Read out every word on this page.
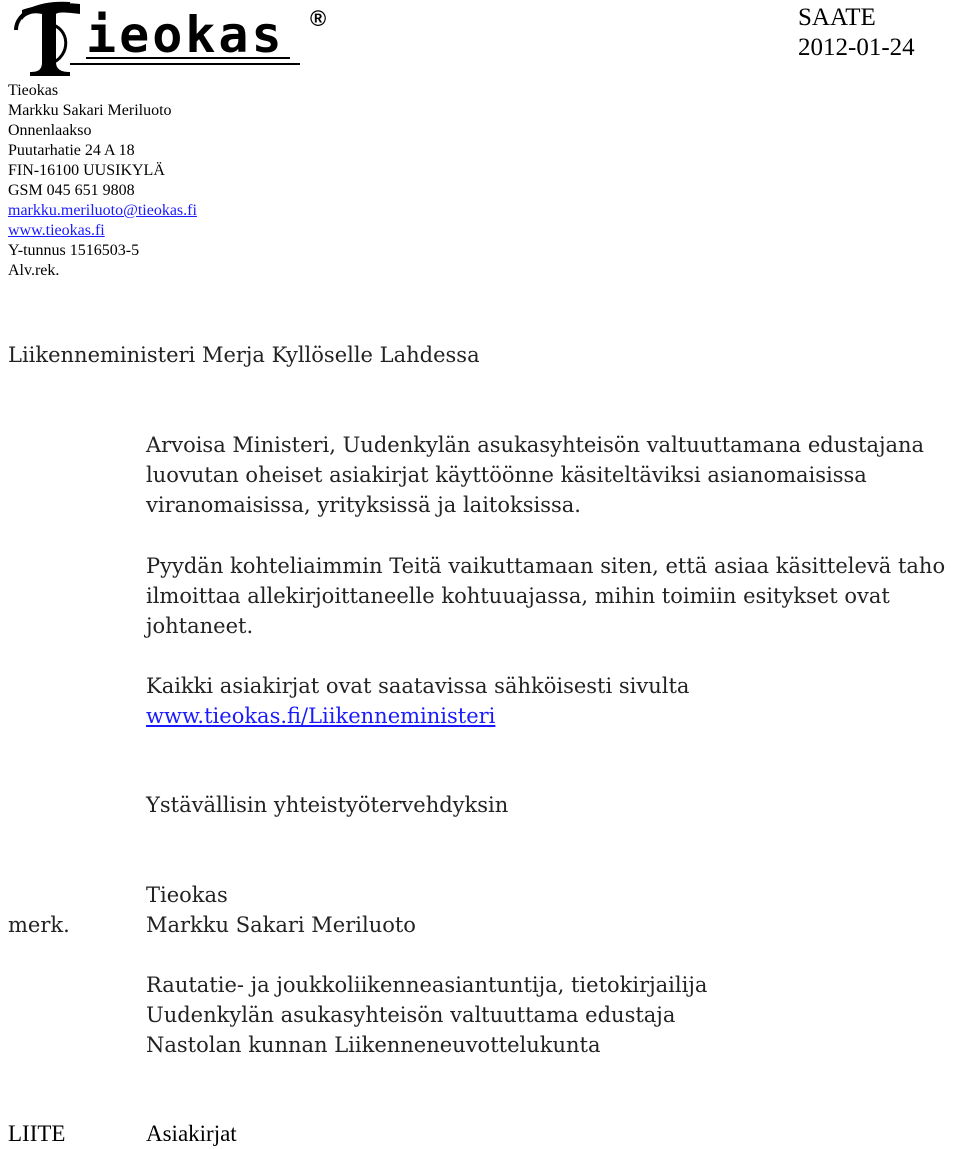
ieokas ®	SAATE
2012-01-24
Tieokas
Markku Sakari Meriluoto
Onnenlaakso
Puutarhatie 24 A 18
FIN-16100 UUSIKYLÄ
GSM 045 651 9808
markku.meriluoto@tieokas.fi
www.tieokas.fi
Y-tunnus 1516503-5
Alv.rek.
Liikenneministeri Merja Kyllöselle Lahdessa
Arvoisa Ministeri, Uudenkylän asukasyhteisön valtuuttamana edustajana luovutan oheiset asiakirjat käyttöönne käsiteltäviksi asianomaisissa viranomaisissa, yrityksissä ja laitoksissa.
Pyydän kohteliaimmin Teitä vaikuttamaan siten, että asiaa käsittelevä taho ilmoittaa allekirjoittaneelle kohtuuajassa, mihin toimiin esitykset ovat johtaneet.
Kaikki asiakirjat ovat saatavissa sähköisesti sivulta
www.tieokas.fi/Liikenneministeri
Ystävällisin yhteistyötervehdyksin
Tieokas
merk.	Markku Sakari Meriluoto
Rautatie- ja joukkoliikenneasiantuntija, tietokirjailija
Uudenkylän asukasyhteisön valtuuttama edustaja
Nastolan kunnan Liikenneneuvottelukunta
LIITE	Asiakirjat
